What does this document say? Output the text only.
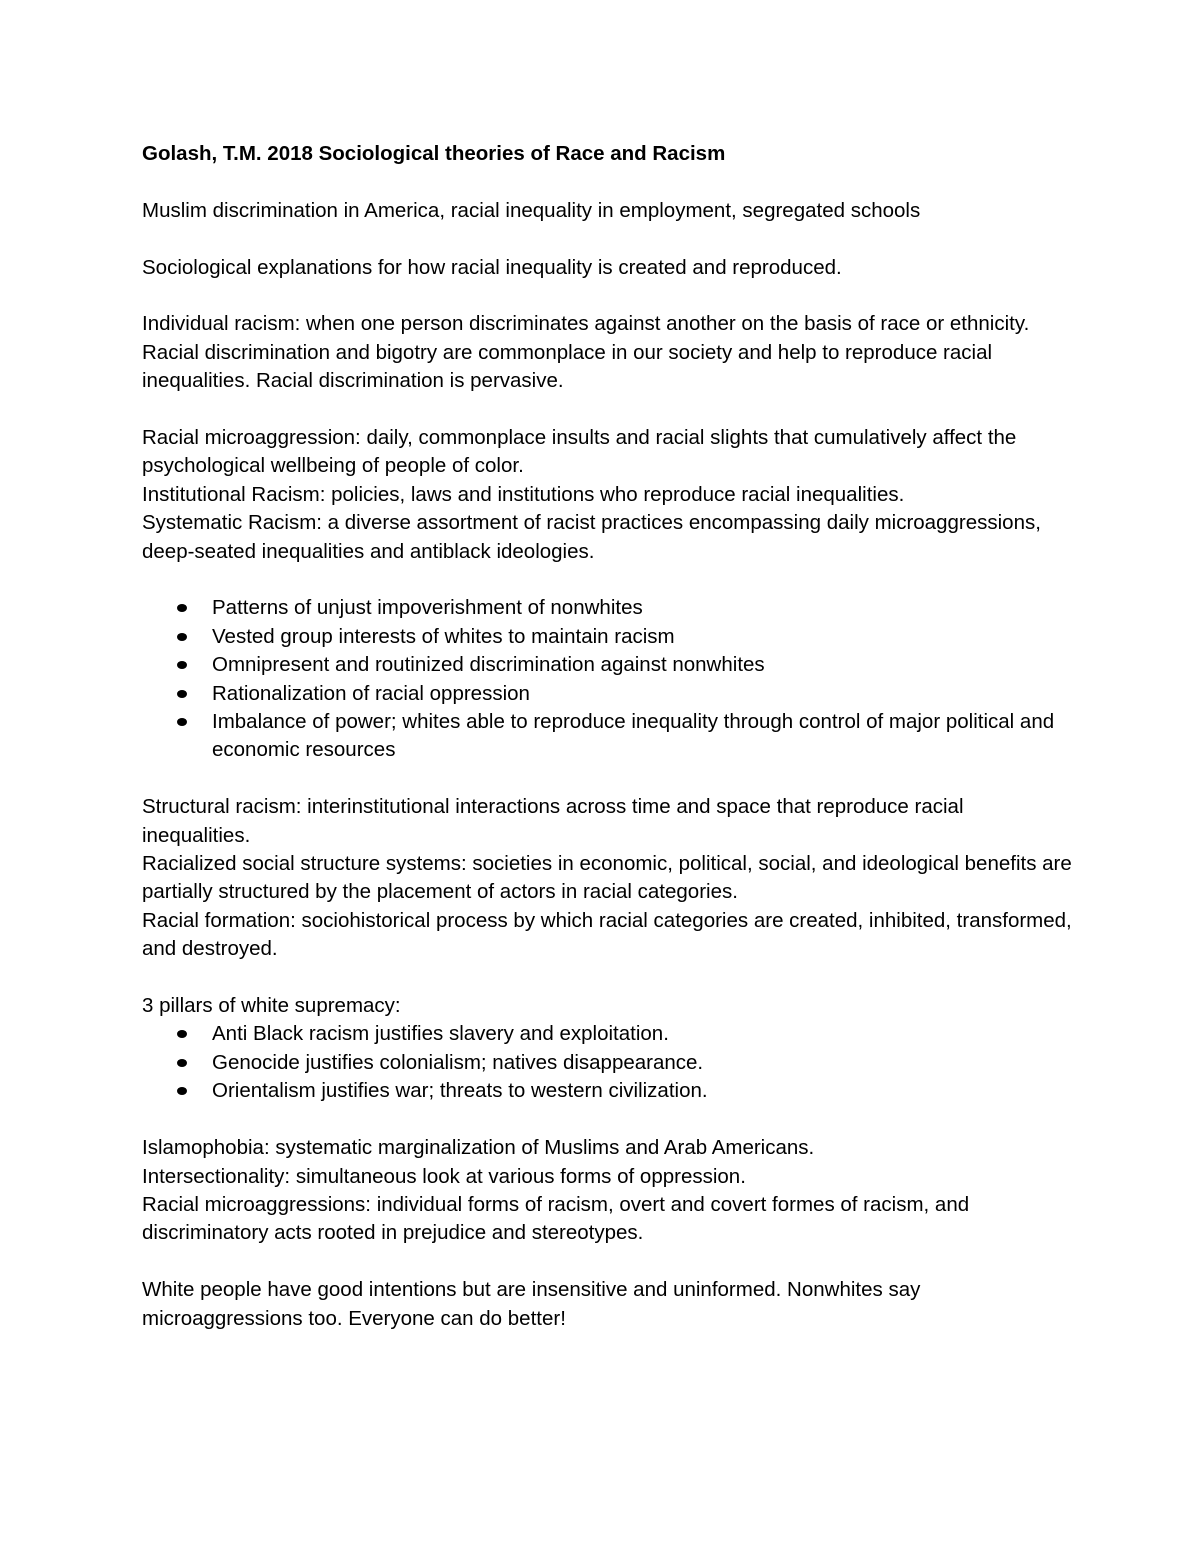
Golash, T.M. 2018 Sociological theories of Race and Racism

Muslim discrimination in America, racial inequality in employment, segregated schools

Sociological explanations for how racial inequality is created and reproduced.

Individual racism: when one person discriminates against another on the basis of race or ethnicity.

Racial discrimination and bigotry are commonplace in our society and help to reproduce racial inequalities. Racial discrimination is pervasive.

Racial microaggression: daily, commonplace insults and racial slights that cumulatively affect the psychological wellbeing of people of color.

Institutional Racism: policies, laws and institutions who reproduce racial inequalities.

Systematic Racism: a diverse assortment of racist practices encompassing daily microaggressions, deep-seated inequalities and antiblack ideologies.

Patterns of unjust impoverishment of nonwhites
Vested group interests of whites to maintain racism
Omnipresent and routinized discrimination against nonwhites
Rationalization of racial oppression
Imbalance of power; whites able to reproduce inequality through control of major political and economic resources

Structural racism: interinstitutional interactions across time and space that reproduce racial inequalities.

Racialized social structure systems: societies in economic, political, social, and ideological benefits are partially structured by the placement of actors in racial categories.

Racial formation: sociohistorical process by which racial categories are created, inhibited, transformed, and destroyed.

3 pillars of white supremacy:

Anti Black racism justifies slavery and exploitation.
Genocide justifies colonialism; natives disappearance.
Orientalism justifies war; threats to western civilization.

Islamophobia: systematic marginalization of Muslims and Arab Americans.

Intersectionality: simultaneous look at various forms of oppression.

Racial microaggressions: individual forms of racism, overt and covert formes of racism, and discriminatory acts rooted in prejudice and stereotypes.

White people have good intentions but are insensitive and uninformed. Nonwhites say microaggressions too. Everyone can do better!
